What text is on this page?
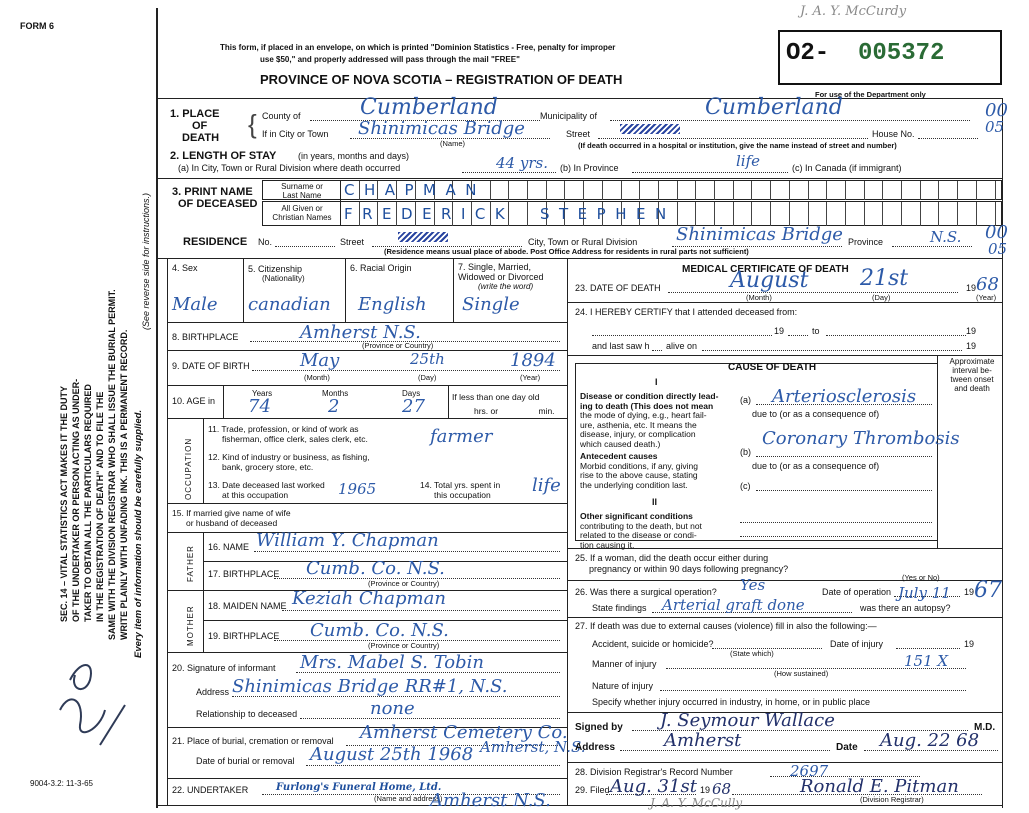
FORM 6
J. A. Y. McCurdy
This form, if placed in an envelope, on which is printed "Dominion Statistics - Free, penalty for improper
use $50," and properly addressed will pass through the mail "FREE"
PROVINCE OF NOVA SCOTIA – REGISTRATION OF DEATH
O2- 005372
For use of the Department only
SEC. 14 – VITAL STATISTICS ACT MAKES IT THE DUTY OF THE UNDERTAKER OR PERSON ACTING AS UNDER- TAKER TO OBTAIN ALL THE PARTICULARS REQUIRED IN THE REGISTRATION OF DEATH" AND TO FILE THE SAME WITH THE DIVISION REGISTRAR WHO SHALL ISSUE THE BURIAL PERMIT. WRITE PLAINLY WITH UNFADING INK. THIS IS A PERMANENT RECORD. Every item of information should be carefully supplied.
(See reverse side for instructions.)
9004-3.2: 11-3-65
1. PLACE
OF
DEATH { County of	Cumberland	Municipality of	Cumberland	00
If in City or Town Shinimicas Bridge
(Name)
Street	House No.	05
(If death occurred in a hospital or institution, give the name instead of street and number)
2. LENGTH OF STAY (in years, months and days)
(a) In City, Town or Rural Division where death occurred	44 yrs. (b) In Province	life	(c) In Canada (if immigrant)
3. PRINT NAME
OF DECEASED
Surname or
Last Name
All Given or
Christian Names
CHAPMAN
FREDERICK STEPHEN
RESIDENCE No.	Street	City, Town or Rural Division Shinimicas Bridge Province	N.S. 00
05
(Residence means usual place of abode. Post Office Address for residents in rural parts not sufficient)
4. Sex	5. Citizenship
(Nationality)
6. Racial Origin	7. Single, Married,
Widowed or Divorced
(write the word)
Male canadian English Single
8. BIRTHPLACE	Amherst N.S.
(Province or Country)
9. DATE OF BIRTH	May	25th	1894
(Month)	(Day)	(Year)
10. AGE in
Years	Months	Days
74	2	27	If less than one day old
hrs. or	min.
OCCUPATION
11. Trade, profession, or kind of work as
fisherman, office clerk, sales clerk, etc.	farmer
12. Kind of industry or business, as fishing,
bank, grocery store, etc.
13. Date deceased last worked
at this occupation	1965	14. Total yrs. spent in
this occupation	life
15. If married give name of wife
or husband of deceased
FATHER 16. NAME William Y. Chapman
17. BIRTHPLACE Cumb. Co. N.S.
(Province or Country)
MOTHER 18. MAIDEN NAME Keziah Chapman
19. BIRTHPLACE Cumb. Co. N.S.
(Province or Country)
20. Signature of informant Mrs. Mabel S. Tobin
Address Shinimicas Bridge RR#1, N.S.
Relationship to deceased	none
21. Place of burial, cremation or removal Amherst Cemetery Co.
Amherst, N.S.
Date of burial or removal August 25th 1968
22. UNDERTAKER	Furlong's Funeral Home, Ltd.
(Name and address)
Amherst N.S.
MEDICAL CERTIFICATE OF DEATH
23. DATE OF DEATH	August 21st	19 68
(Month)	(Day)	(Year)
24. I HEREBY CERTIFY that I attended deceased from:
19	to	19
and last saw h alive on	19
CAUSE OF DEATH
Approximate
interval be-
tween onset
and death
I
Disease or condition directly lead-
ing to death (This does not mean
the mode of dying, e.g., heart fail-
ure, asthenia, etc. It means the
disease, injury, or complication
which caused death.)
(a) Arteriosclerosis
due to (or as a consequence of)
Antecedent causes
Morbid conditions, if any, giving
rise to the above cause, stating
the underlying condition last.
(b)
Coronary Thrombosis
due to (or as a consequence of)
(c)
II
Other significant conditions
contributing to the death, but not
related to the disease or condi-
tion causing it.
25. If a woman, did the death occur either during
pregnancy or within 90 days following pregnancy?
26. Was there a surgical operation? Yes	Date of operation July 11 19 67
(Yes or No)
State findings Arterial graft done	was there an autopsy?
27. If death was due to external causes (violence) fill in also the following:—
Accident, suicide or homicide?
(State which)
Date of injury	19
Manner of injury	151 X
(How sustained)
Nature of injury
Specify whether injury occurred in industry, in home, or in public place
Signed by J. Seymour Wallace	M.D.
Address	Amherst	Date Aug. 22 68
28. Division Registrar's Record Number	2697
29. Filed Aug. 31st 19 68	Ronald E. Pitman
(Division Registrar)
J. A. Y. McCully
